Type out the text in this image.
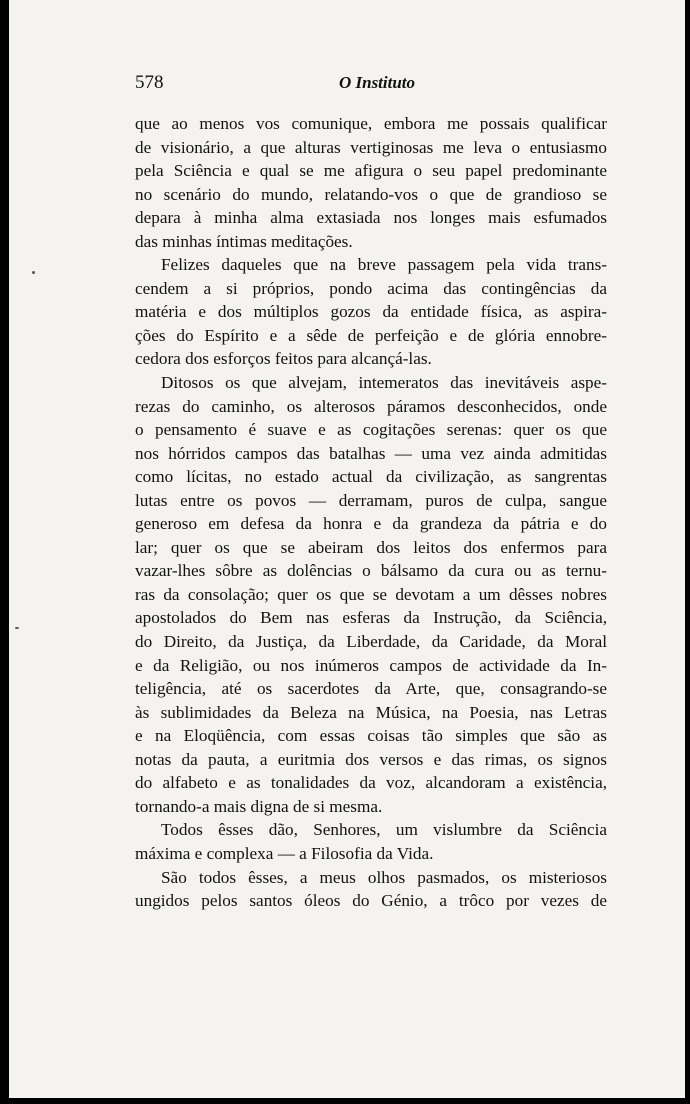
578	O Instituto
que ao menos vos comunique, embora me possais qualificar
de visionário, a que alturas vertiginosas me leva o entusiasmo
pela Sciência e qual se me afigura o seu papel predominante
no scenário do mundo, relatando-vos o que de grandioso se
depara à minha alma extasiada nos longes mais esfumados
das minhas íntimas meditações.
Felizes daqueles que na breve passagem pela vida trans-
cendem a si próprios, pondo acima das contingências da
matéria e dos múltiplos gozos da entidade física, as aspira-
ções do Espírito e a sêde de perfeição e de glória ennobre-
cedora dos esforços feitos para alcançá-las.
Ditosos os que alvejam, intemeratos das inevitáveis aspe-
rezas do caminho, os alterosos páramos desconhecidos, onde
o pensamento é suave e as cogitações serenas: quer os que
nos hórridos campos das batalhas — uma vez ainda admitidas
como lícitas, no estado actual da civilização, as sangrentas
lutas entre os povos — derramam, puros de culpa, sangue
generoso em defesa da honra e da grandeza da pátria e do
lar; quer os que se abeiram dos leitos dos enfermos para
vazar-lhes sôbre as dolências o bálsamo da cura ou as ternu-
ras da consolação; quer os que se devotam a um dêsses nobres
apostolados do Bem nas esferas da Instrução, da Sciência,
do Direito, da Justiça, da Liberdade, da Caridade, da Moral
e da Religião, ou nos inúmeros campos de actividade da In-
teligência, até os sacerdotes da Arte, que, consagrando-se
às sublimidades da Beleza na Música, na Poesia, nas Letras
e na Eloqüência, com essas coisas tão simples que são as
notas da pauta, a euritmia dos versos e das rimas, os signos
do alfabeto e as tonalidades da voz, alcandoram a existência,
tornando-a mais digna de si mesma.
Todos êsses dão, Senhores, um vislumbre da Sciência
máxima e complexa — a Filosofia da Vida.
São todos êsses, a meus olhos pasmados, os misteriosos
ungidos pelos santos óleos do Génio, a trôco por vezes de
